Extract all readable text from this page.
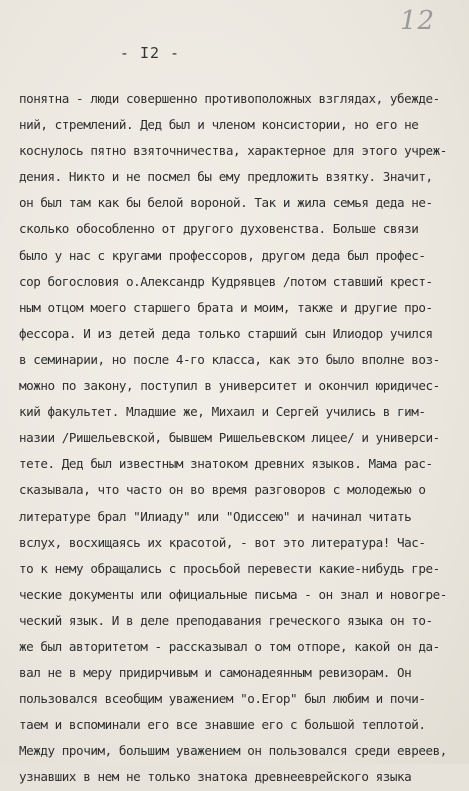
12
- I2 -
понятна - люди совершенно противоположных взглядах, убежде-
ний, стремлений. Дед был и членом консистории, но его не
коснулось пятно взяточничества, характерное для этого учреж-
дения. Никто и не посмел бы ему предложить взятку. Значит,
он был там как бы белой вороной. Так и жила семья деда не-
сколько обособленно от другого духовенства. Больше связи
было у нас с кругами профессоров, другом деда был профес-
сор богословия о.Александр Кудрявцев /потом ставший крест-
ным отцом моего старшего брата и моим, также и другие про-
фессора. И из детей деда только старший сын Илиодор учился
в семинарии, но после 4-го класса, как это было вполне воз-
можно по закону, поступил в университет и окончил юридичес-
кий факультет. Младшие же, Михаил и Сергей учились в гим-
назии /Ришельевской, бывшем Ришельевском лицее/ и универси-
тете. Дед был известным знатоком древних языков. Мама рас-
сказывала, что часто он во время разговоров с молодежью о
литературе брал "Илиаду" или "Одиссею" и начинал читать
вслух, восхищаясь их красотой, - вот это литература! Час-
то к нему обращались с просьбой перевести какие-нибудь гре-
ческие документы или официальные письма - он знал и новогре-
ческий язык. И в деле преподавания греческого языка он то-
же был авторитетом - рассказывал о том отпоре, какой он да-
вал не в меру придирчивым и самонадеянным ревизорам. Он
пользовался всеобщим уважением "о.Егор" был любим и почи-
таем и вспоминали его все знавшие его с большой теплотой.
Между прочим, большим уважением он пользовался среди евреев,
узнавших в нем не только знатока древнееврейского языка
